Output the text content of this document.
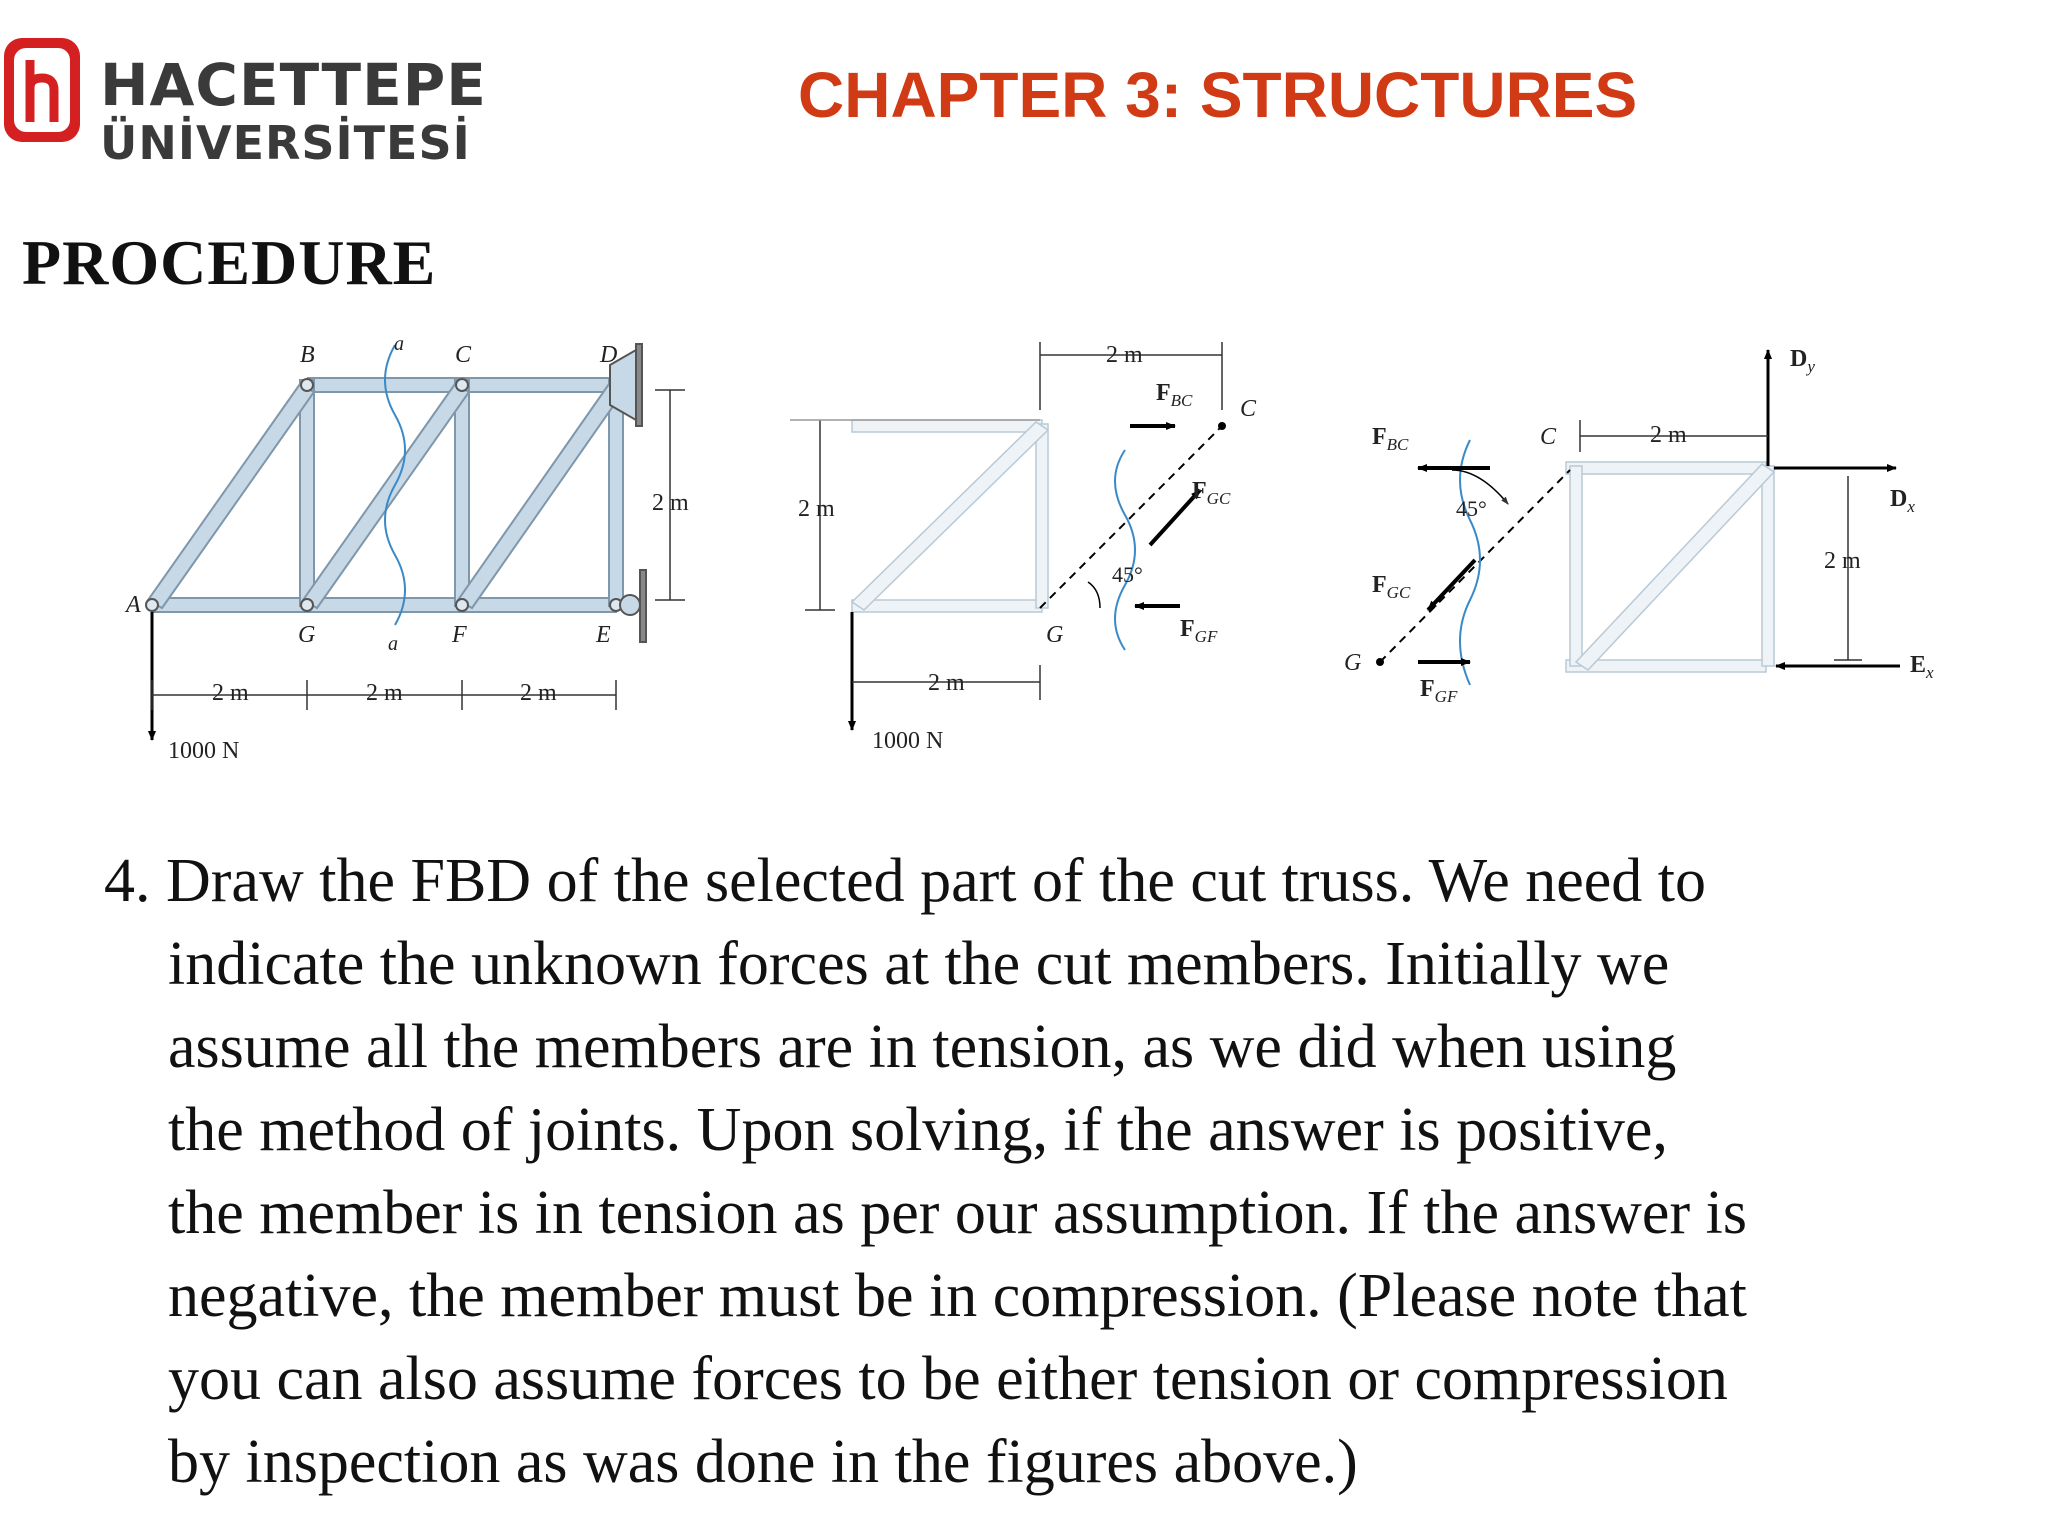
HACETTEPE
ÜNİVERSİTESİ
CHAPTER 3: STRUCTURES
PROCEDURE
A
B	C	D
E
F
G
a
a
2 m
2 m	2 m	2 m
1000 N
2 m
2 m
2 m
1000 N
45°
C
G
$F_{BC}$
$F_{GC}$
$F_{GF}$
2 m
2 m
45°
C
G
$F_{BC}$
$F_{GC}$
$F_{GF}$
$D_y$
$D_x$
$E_x$

4. Draw the FBD of the selected part of the cut truss. We need to
indicate the unknown forces at the cut members. Initially we
assume all the members are in tension, as we did when using
the method of joints. Upon solving, if the answer is positive,
the member is in tension as per our assumption. If the answer is
negative, the member must be in compression. (Please note that
you can also assume forces to be either tension or compression
by inspection as was done in the figures above.)
